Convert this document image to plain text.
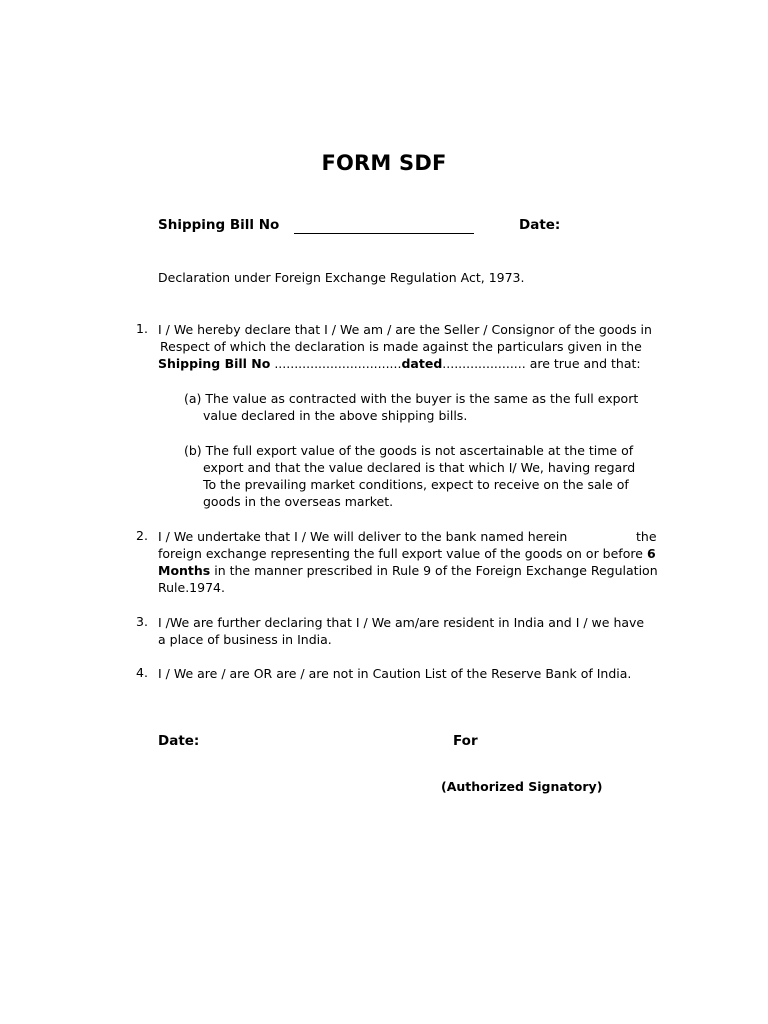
FORM SDF
Shipping Bill No	Date:
Declaration under Foreign Exchange Regulation Act, 1973.
1. I / We hereby declare that I / We am / are the Seller / Consignor of the goods in
Respect of which the declaration is made against the particulars given in the
Shipping Bill No ................................dated..................... are true and that:
(a) The value as contracted with the buyer is the same as the full export
value declared in the above shipping bills.
(b) The full export value of the goods is not ascertainable at the time of
export and that the value declared is that which I/ We, having regard
To the prevailing market conditions, expect to receive on the sale of
goods in the overseas market.
2. I / We undertake that I / We will deliver to the bank named herein	the
foreign exchange representing the full export value of the goods on or before 6
Months in the manner prescribed in Rule 9 of the Foreign Exchange Regulation
Rule.1974.
3. I /We are further declaring that I / We am/are resident in India and I / we have
a place of business in India.
4. I / We are / are OR are / are not in Caution List of the Reserve Bank of India.
Date:	For
(Authorized Signatory)
